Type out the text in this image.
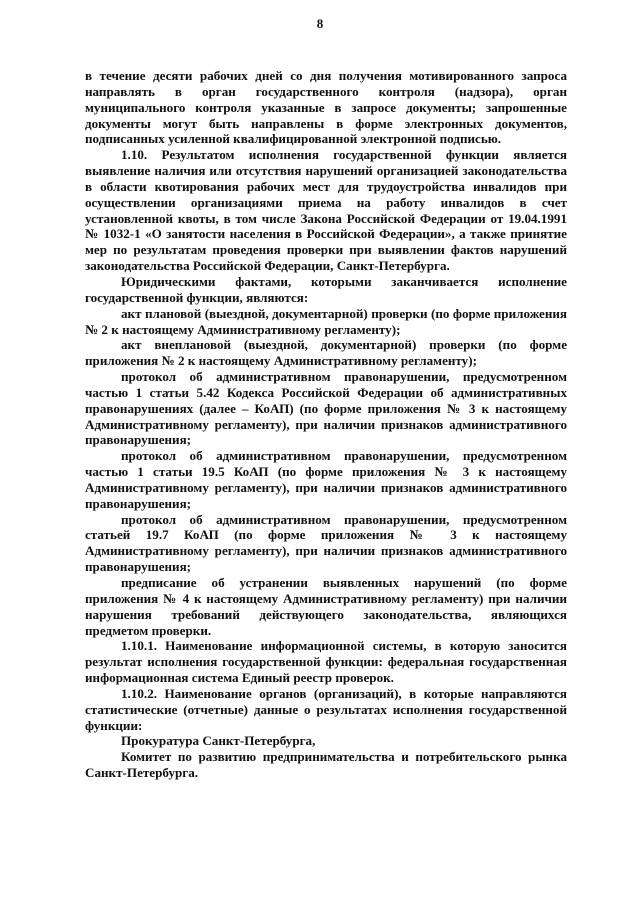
8

в течение десяти рабочих дней со дня получения мотивированного запроса направлять в орган государственного контроля (надзора), орган муниципального контроля указанные в запросе документы; запрошенные документы могут быть направлены в форме электронных документов, подписанных усиленной квалифицированной электронной подписью.

1.10. Результатом исполнения государственной функции является выявление наличия или отсутствия нарушений организацией законодательства в области квотирования рабочих мест для трудоустройства инвалидов при осуществлении организациями приема на работу инвалидов в счет установленной квоты, в том числе Закона Российской Федерации от 19.04.1991 № 1032-1 «О занятости населения в Российской Федерации», а также принятие мер по результатам проведения проверки при выявлении фактов нарушений законодательства Российской Федерации, Санкт-Петербурга.

Юридическими фактами, которыми заканчивается исполнение государственной функции, являются:

акт плановой (выездной, документарной) проверки (по форме приложения № 2 к настоящему Административному регламенту);

акт внеплановой (выездной, документарной) проверки (по форме приложения № 2 к настоящему Административному регламенту);

протокол об административном правонарушении, предусмотренном частью 1 статьи 5.42 Кодекса Российской Федерации об административных правонарушениях (далее – КоАП) (по форме приложения № 3 к настоящему Административному регламенту), при наличии признаков административного правонарушения;

протокол об административном правонарушении, предусмотренном частью 1 статьи 19.5 КоАП (по форме приложения № 3 к настоящему Административному регламенту), при наличии признаков административного правонарушения;

протокол об административном правонарушении, предусмотренном статьей 19.7 КоАП (по форме приложения № 3 к настоящему Административному регламенту), при наличии признаков административного правонарушения;

предписание об устранении выявленных нарушений (по форме приложения № 4 к настоящему Административному регламенту) при наличии нарушения требований действующего законодательства, являющихся предметом проверки.

1.10.1. Наименование информационной системы, в которую заносится результат исполнения государственной функции: федеральная государственная информационная система Единый реестр проверок.

1.10.2. Наименование органов (организаций), в которые направляются статистические (отчетные) данные о результатах исполнения государственной функции:

Прокуратура Санкт-Петербурга,

Комитет по развитию предпринимательства и потребительского рынка Санкт-Петербурга.
